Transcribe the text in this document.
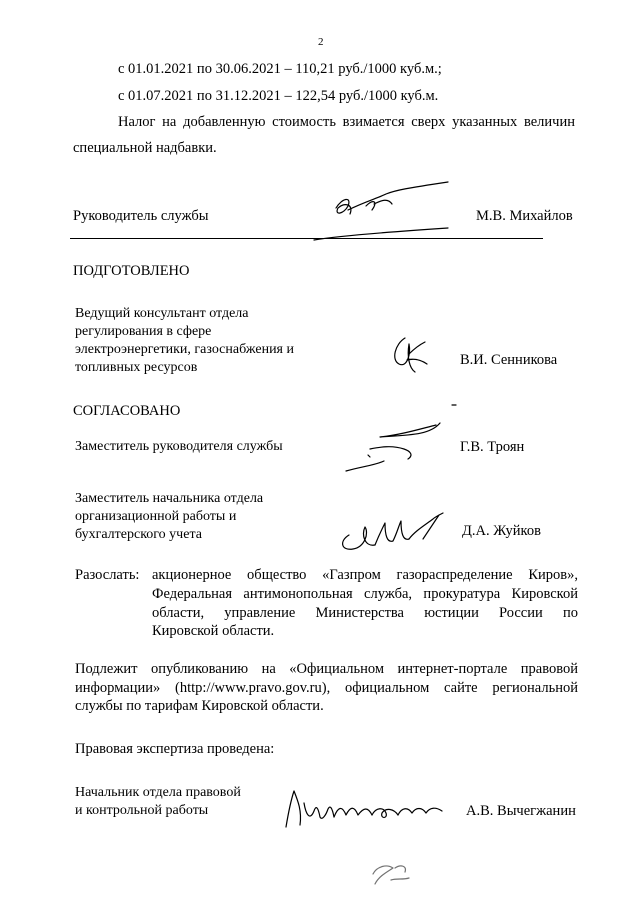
2
с 01.01.2021 по 30.06.2021 – 110,21 руб./1000 куб.м.;
с 01.07.2021 по 31.12.2021 – 122,54 руб./1000 куб.м.
Налог на добавленную стоимость взимается сверх указанных величин
специальной надбавки.
Руководитель службы	М.В. Михайлов
ПОДГОТОВЛЕНО
Ведущий консультант отдела
регулирования в сфере
электроэнергетики, газоснабжения и
топливных ресурсов	В.И. Сенникова
СОГЛАСОВАНО
Заместитель руководителя службы	Г.В. Троян
Заместитель начальника отдела
организационной работы и
бухгалтерского учета	Д.А. Жуйков
Разослать: акционерное общество «Газпром газораспределение Киров»,
Федеральная антимонопольная служба, прокуратура Кировской
области, управление Министерства юстиции России по
Кировской области.
Подлежит опубликованию на «Официальном интернет-портале правовой
информации» (http://www.pravo.gov.ru), официальном сайте региональной
службы по тарифам Кировской области.
Правовая экспертиза проведена:
Начальник отдела правовой
и контрольной работы	А.В. Вычегжанин
